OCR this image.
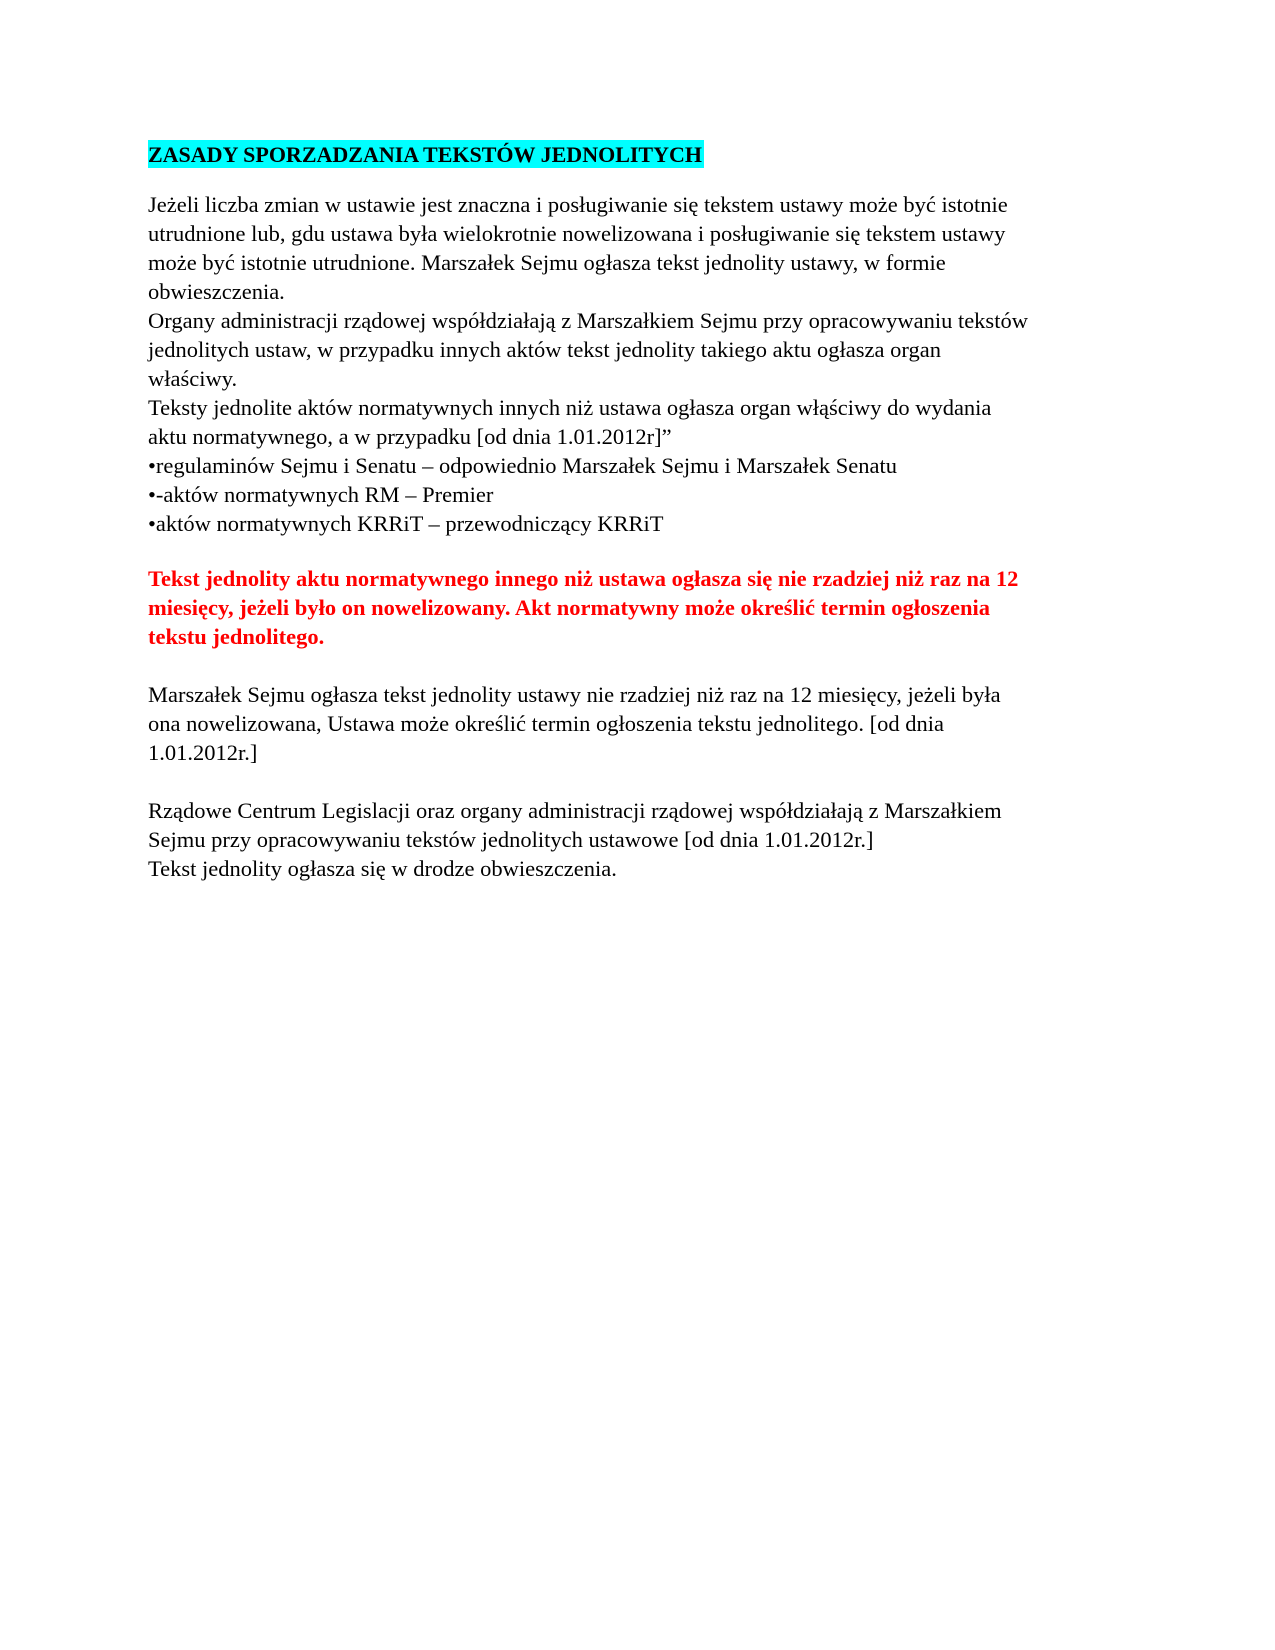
ZASADY SPORZADZANIA TEKSTÓW JEDNOLITYCH
Jeżeli liczba zmian w ustawie jest znaczna i posługiwanie się tekstem ustawy może być istotnie
utrudnione lub, gdu ustawa była wielokrotnie nowelizowana i posługiwanie się tekstem ustawy
może być istotnie utrudnione. Marszałek Sejmu ogłasza tekst jednolity ustawy, w formie
obwieszczenia.
Organy administracji rządowej współdziałają z Marszałkiem Sejmu przy opracowywaniu tekstów
jednolitych ustaw, w przypadku innych aktów tekst jednolity takiego aktu ogłasza organ
właściwy.
Teksty jednolite aktów normatywnych innych niż ustawa ogłasza organ włąściwy do wydania
aktu normatywnego, a w przypadku [od dnia 1.01.2012r]”
•regulaminów Sejmu i Senatu – odpowiednio Marszałek Sejmu i Marszałek Senatu
•-aktów normatywnych RM – Premier
•aktów normatywnych KRRiT – przewodniczący KRRiT
Tekst jednolity aktu normatywnego innego niż ustawa ogłasza się nie rzadziej niż raz na 12
miesięcy, jeżeli było on nowelizowany. Akt normatywny może określić termin ogłoszenia
tekstu jednolitego.
Marszałek Sejmu ogłasza tekst jednolity ustawy nie rzadziej niż raz na 12 miesięcy, jeżeli była
ona nowelizowana, Ustawa może określić termin ogłoszenia tekstu jednolitego. [od dnia
1.01.2012r.]
Rządowe Centrum Legislacji oraz organy administracji rządowej współdziałają z Marszałkiem
Sejmu przy opracowywaniu tekstów jednolitych ustawowe [od dnia 1.01.2012r.]
Tekst jednolity ogłasza się w drodze obwieszczenia.
